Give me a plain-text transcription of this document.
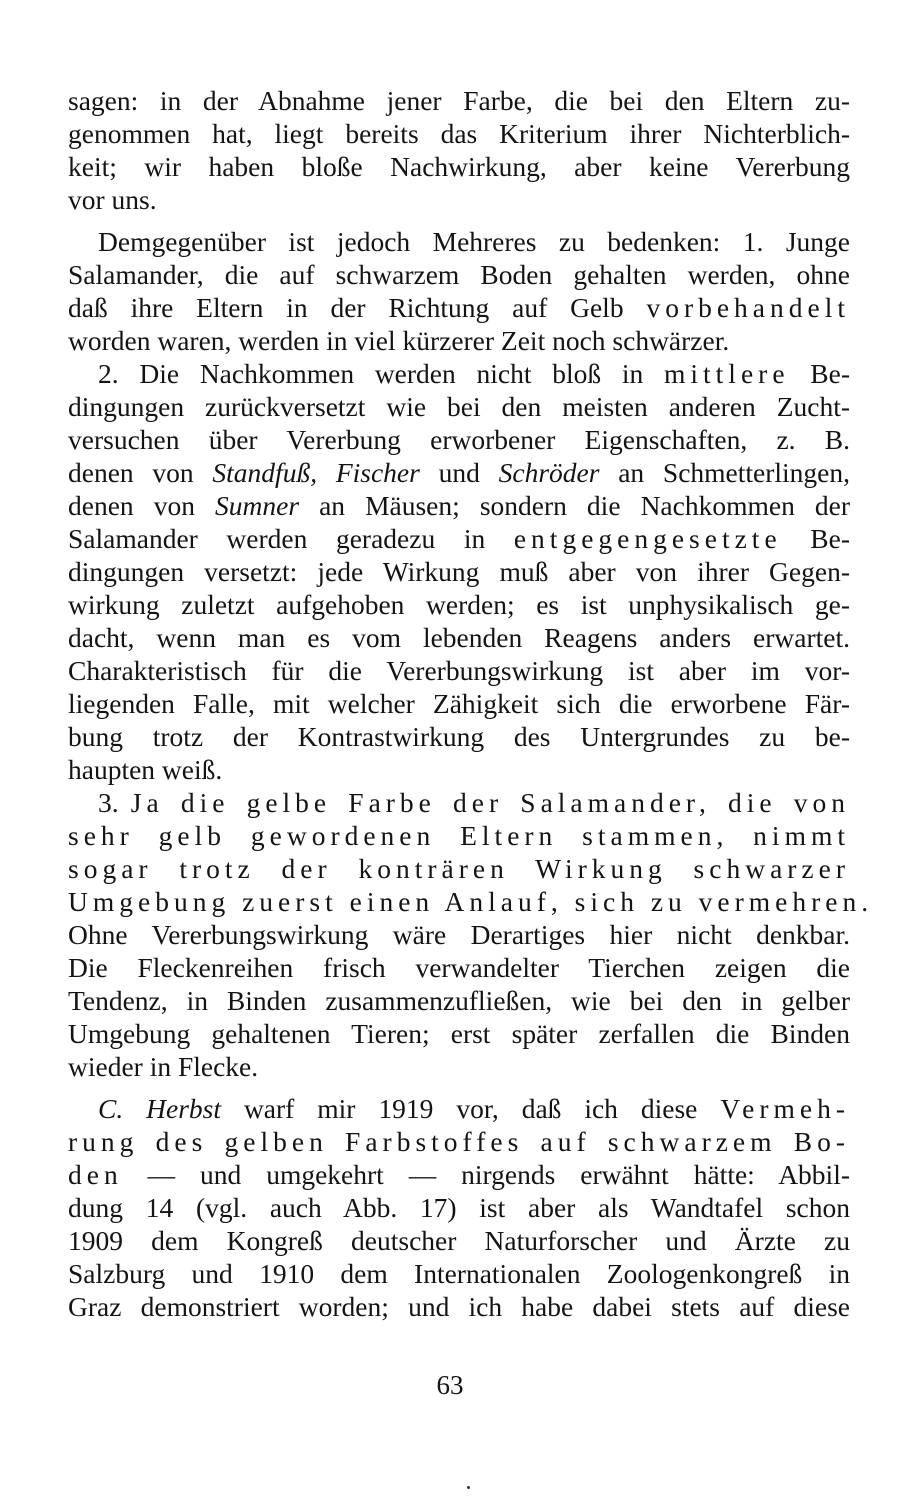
sagen: in der Abnahme jener Farbe, die bei den Eltern zu-
genommen hat, liegt bereits das Kriterium ihrer Nichterblich-
keit; wir haben bloße Nachwirkung, aber keine Vererbung
vor uns.
Demgegenüber ist jedoch Mehreres zu bedenken: 1. Junge
Salamander, die auf schwarzem Boden gehalten werden, ohne
daß ihre Eltern in der Richtung auf Gelb vorbehandelt
worden waren, werden in viel kürzerer Zeit noch schwärzer.
2. Die Nachkommen werden nicht bloß in mittlere Be-
dingungen zurückversetzt wie bei den meisten anderen Zucht-
versuchen über Vererbung erworbener Eigenschaften, z. B.
denen von Standfuß, Fischer und Schröder an Schmetterlingen,
denen von Sumner an Mäusen; sondern die Nachkommen der
Salamander werden geradezu in entgegengesetzte Be-
dingungen versetzt: jede Wirkung muß aber von ihrer Gegen-
wirkung zuletzt aufgehoben werden; es ist unphysikalisch ge-
dacht, wenn man es vom lebenden Reagens anders erwartet.
Charakteristisch für die Vererbungswirkung ist aber im vor-
liegenden Falle, mit welcher Zähigkeit sich die erworbene Fär-
bung trotz der Kontrastwirkung des Untergrundes zu be-
haupten weiß.
3. Ja die gelbe Farbe der Salamander, die von
sehr gelb gewordenen Eltern stammen, nimmt
sogar trotz der konträren Wirkung schwarzer
Umgebung zuerst einen Anlauf, sich zu vermehren.
Ohne Vererbungswirkung wäre Derartiges hier nicht denkbar.
Die Fleckenreihen frisch verwandelter Tierchen zeigen die
Tendenz, in Binden zusammenzufließen, wie bei den in gelber
Umgebung gehaltenen Tieren; erst später zerfallen die Binden
wieder in Flecke.
C. Herbst warf mir 1919 vor, daß ich diese Vermeh-
rung des gelben Farbstoffes auf schwarzem Bo-
den — und umgekehrt — nirgends erwähnt hätte: Abbil-
dung 14 (vgl. auch Abb. 17) ist aber als Wandtafel schon
1909 dem Kongreß deutscher Naturforscher und Ärzte zu
Salzburg und 1910 dem Internationalen Zoologenkongreß in
Graz demonstriert worden; und ich habe dabei stets auf diese
63
